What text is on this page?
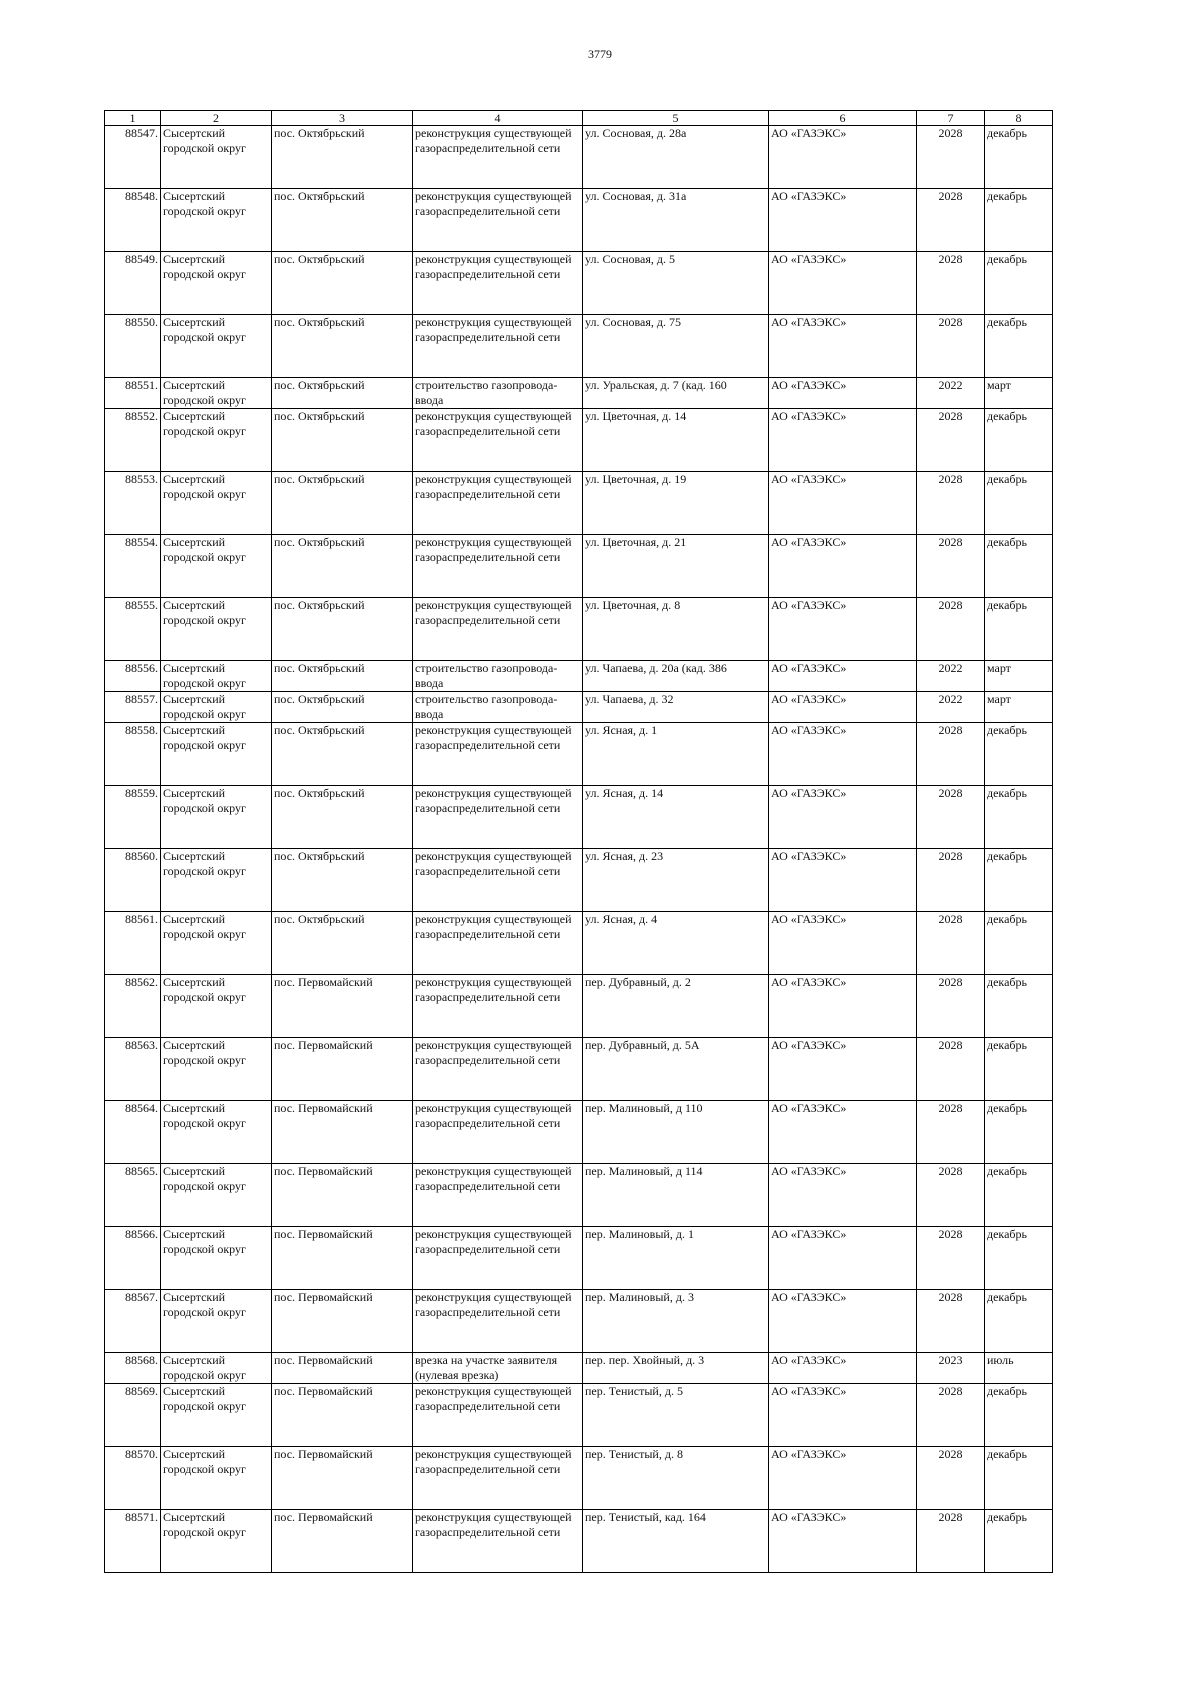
3779
1	2	3	4	5	6	7	8

88547.	Сысертский городской округ	пос. Октябрьский	реконструкция существующей газораспределительной сети	ул. Сосновая, д. 28а	АО «ГАЗЭКС»	2028	декабрь

88548.	Сысертский городской округ	пос. Октябрьский	реконструкция существующей газораспределительной сети	ул. Сосновая, д. 31а	АО «ГАЗЭКС»	2028	декабрь

88549.	Сысертский городской округ	пос. Октябрьский	реконструкция существующей газораспределительной сети	ул. Сосновая, д. 5	АО «ГАЗЭКС»	2028	декабрь

88550.	Сысертский городской округ	пос. Октябрьский	реконструкция существующей газораспределительной сети	ул. Сосновая, д. 75	АО «ГАЗЭКС»	2028	декабрь

88551.	Сысертский городской округ	пос. Октябрьский	строительство газопровода-ввода	ул. Уральская, д. 7 (кад. 160	АО «ГАЗЭКС»	2022	март

88552.	Сысертский городской округ	пос. Октябрьский	реконструкция существующей газораспределительной сети	ул. Цветочная, д. 14	АО «ГАЗЭКС»	2028	декабрь

88553.	Сысертский городской округ	пос. Октябрьский	реконструкция существующей газораспределительной сети	ул. Цветочная, д. 19	АО «ГАЗЭКС»	2028	декабрь

88554.	Сысертский городской округ	пос. Октябрьский	реконструкция существующей газораспределительной сети	ул. Цветочная, д. 21	АО «ГАЗЭКС»	2028	декабрь

88555.	Сысертский городской округ	пос. Октябрьский	реконструкция существующей газораспределительной сети	ул. Цветочная, д. 8	АО «ГАЗЭКС»	2028	декабрь

88556.	Сысертский городской округ	пос. Октябрьский	строительство газопровода-ввода	ул. Чапаева, д. 20а (кад. 386	АО «ГАЗЭКС»	2022	март

88557.	Сысертский городской округ	пос. Октябрьский	строительство газопровода-ввода	ул. Чапаева, д. 32	АО «ГАЗЭКС»	2022	март

88558.	Сысертский городской округ	пос. Октябрьский	реконструкция существующей газораспределительной сети	ул. Ясная, д. 1	АО «ГАЗЭКС»	2028	декабрь

88559.	Сысертский городской округ	пос. Октябрьский	реконструкция существующей газораспределительной сети	ул. Ясная, д. 14	АО «ГАЗЭКС»	2028	декабрь

88560.	Сысертский городской округ	пос. Октябрьский	реконструкция существующей газораспределительной сети	ул. Ясная, д. 23	АО «ГАЗЭКС»	2028	декабрь

88561.	Сысертский городской округ	пос. Октябрьский	реконструкция существующей газораспределительной сети	ул. Ясная, д. 4	АО «ГАЗЭКС»	2028	декабрь

88562.	Сысертский городской округ	пос. Первомайский	реконструкция существующей газораспределительной сети	пер. Дубравный, д. 2	АО «ГАЗЭКС»	2028	декабрь

88563.	Сысертский городской округ	пос. Первомайский	реконструкция существующей газораспределительной сети	пер. Дубравный, д. 5А	АО «ГАЗЭКС»	2028	декабрь

88564.	Сысертский городской округ	пос. Первомайский	реконструкция существующей газораспределительной сети	пер. Малиновый, д 110	АО «ГАЗЭКС»	2028	декабрь

88565.	Сысертский городской округ	пос. Первомайский	реконструкция существующей газораспределительной сети	пер. Малиновый, д 114	АО «ГАЗЭКС»	2028	декабрь

88566.	Сысертский городской округ	пос. Первомайский	реконструкция существующей газораспределительной сети	пер. Малиновый, д. 1	АО «ГАЗЭКС»	2028	декабрь

88567.	Сысертский городской округ	пос. Первомайский	реконструкция существующей газораспределительной сети	пер. Малиновый, д. 3	АО «ГАЗЭКС»	2028	декабрь

88568.	Сысертский городской округ	пос. Первомайский	врезка на участке заявителя (нулевая врезка)	пер. пер. Хвойный, д. 3	АО «ГАЗЭКС»	2023	июль

88569.	Сысертский городской округ	пос. Первомайский	реконструкция существующей газораспределительной сети	пер. Тенистый, д. 5	АО «ГАЗЭКС»	2028	декабрь

88570.	Сысертский городской округ	пос. Первомайский	реконструкция существующей газораспределительной сети	пер. Тенистый, д. 8	АО «ГАЗЭКС»	2028	декабрь

88571.	Сысертский городской округ	пос. Первомайский	реконструкция существующей газораспределительной сети	пер. Тенистый, кад. 164	АО «ГАЗЭКС»	2028	декабрь
